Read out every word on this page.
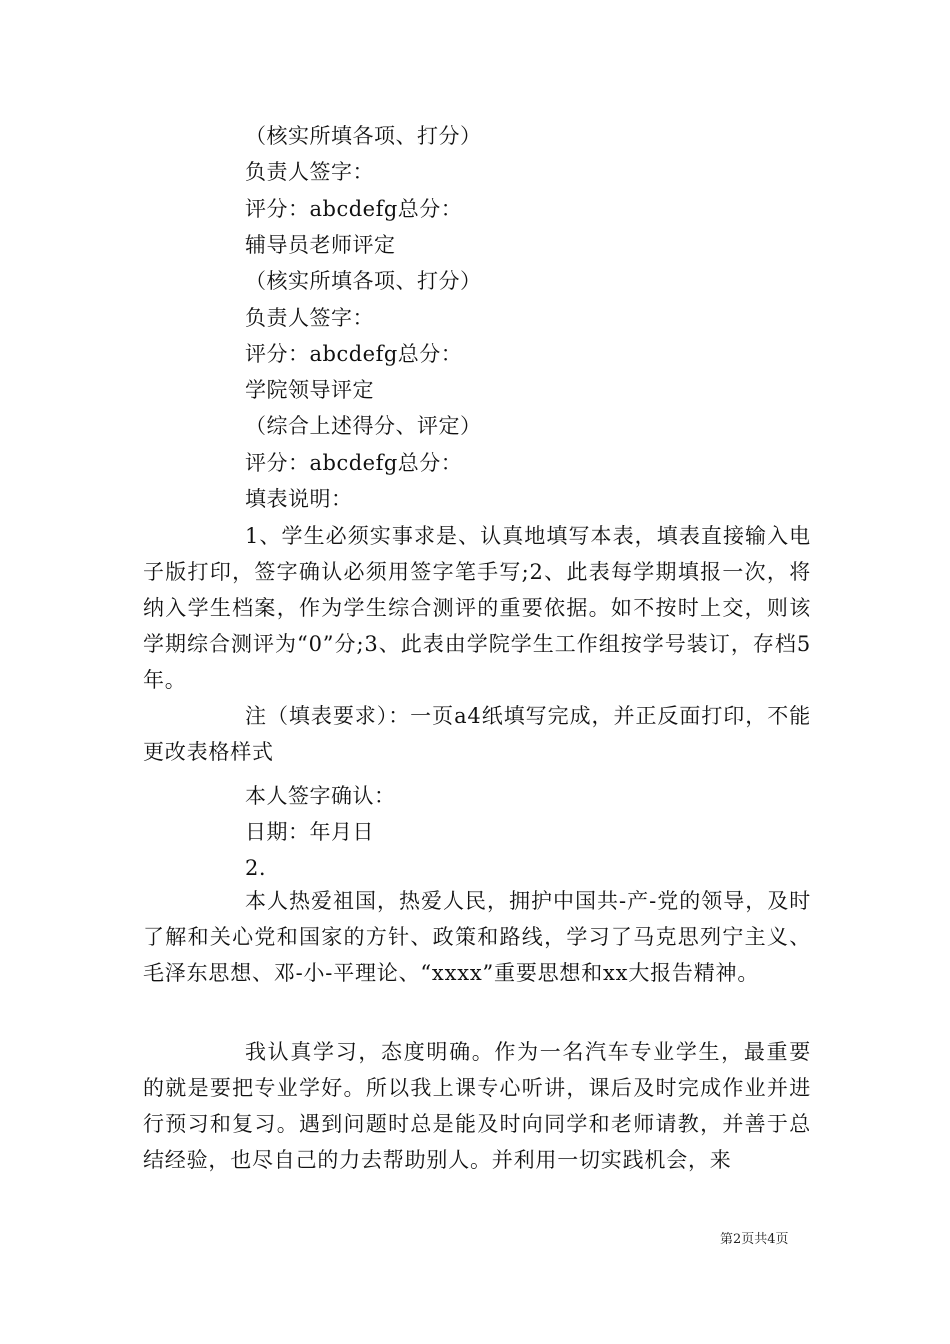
（核实所填各项、打分）
负责人签字：
评分：abcdefg总分：
辅导员老师评定
（核实所填各项、打分）
负责人签字：
评分：abcdefg总分：
学院领导评定
（综合上述得分、评定）
评分：abcdefg总分：
填表说明：
1、学生必须实事求是、认真地填写本表，填表直接输入电子版打印，签字确认必须用签字笔手写;2、此表每学期填报一次，将纳入学生档案，作为学生综合测评的重要依据。如不按时上交，则该学期综合测评为“0”分;3、此表由学院学生工作组按学号装订，存档5年。
注（填表要求）：一页a4纸填写完成，并正反面打印，不能更改表格样式
本人签字确认：
日期：年月日
2.
本人热爱祖国，热爱人民，拥护中国共-产-党的领导，及时了解和关心党和国家的方针、政策和路线，学习了马克思列宁主义、毛泽东思想、邓-小-平理论、“xxxx”重要思想和xx大报告精神。
我认真学习，态度明确。作为一名汽车专业学生，最重要的就是要把专业学好。所以我上课专心听讲，课后及时完成作业并进行预习和复习。遇到问题时总是能及时向同学和老师请教，并善于总结经验，也尽自己的力去帮助别人。并利用一切实践机会，来
第2页共4页
